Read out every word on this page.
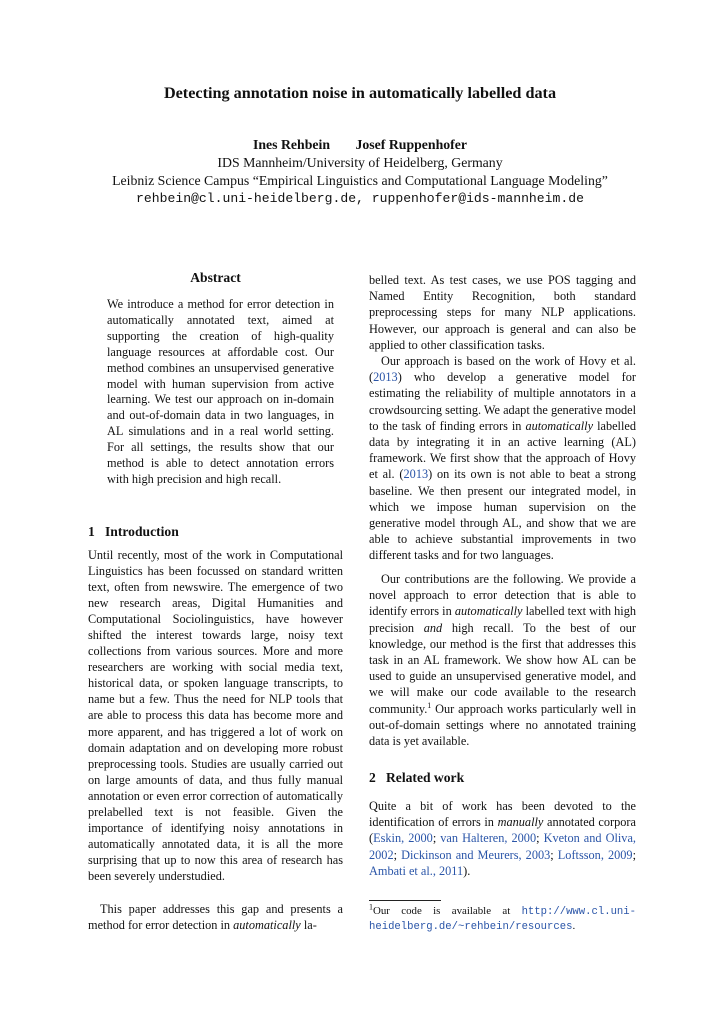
Detecting annotation noise in automatically labelled data
Ines Rehbein Josef Ruppenhofer
IDS Mannheim/University of Heidelberg, Germany
Leibniz Science Campus “Empirical Linguistics and Computational Language Modeling”
rehbein@cl.uni-heidelberg.de, ruppenhofer@ids-mannheim.de
Abstract
We introduce a method for error detection in automatically annotated text, aimed at supporting the creation of high-quality language resources at affordable cost. Our method combines an unsupervised generative model with human supervision from active learning. We test our approach on in-domain and out-of-domain data in two languages, in AL simulations and in a real world setting. For all settings, the results show that our method is able to detect annotation errors with high precision and high recall.
1   Introduction
Until recently, most of the work in Computational Linguistics has been focussed on standard written text, often from newswire. The emergence of two new research areas, Digital Humanities and Computational Sociolinguistics, have however shifted the interest towards large, noisy text collections from various sources. More and more researchers are working with social media text, historical data, or spoken language transcripts, to name but a few. Thus the need for NLP tools that are able to process this data has become more and more apparent, and has triggered a lot of work on domain adaptation and on developing more robust preprocessing tools. Studies are usually carried out on large amounts of data, and thus fully manual annotation or even error correction of automatically prelabelled text is not feasible. Given the importance of identifying noisy annotations in automatically annotated data, it is all the more surprising that up to now this area of research has been severely understudied.
This paper addresses this gap and presents a method for error detection in automatically la-
belled text. As test cases, we use POS tagging and Named Entity Recognition, both standard preprocessing steps for many NLP applications. However, our approach is general and can also be applied to other classification tasks.
Our approach is based on the work of Hovy et al. (2013) who develop a generative model for estimating the reliability of multiple annotators in a crowdsourcing setting. We adapt the generative model to the task of finding errors in automatically labelled data by integrating it in an active learning (AL) framework. We first show that the approach of Hovy et al. (2013) on its own is not able to beat a strong baseline. We then present our integrated model, in which we impose human supervision on the generative model through AL, and show that we are able to achieve substantial improvements in two different tasks and for two languages.
Our contributions are the following. We provide a novel approach to error detection that is able to identify errors in automatically labelled text with high precision and high recall. To the best of our knowledge, our method is the first that addresses this task in an AL framework. We show how AL can be used to guide an unsupervised generative model, and we will make our code available to the research community.$^1$ Our approach works particularly well in out-of-domain settings where no annotated training data is yet available.
2   Related work
Quite a bit of work has been devoted to the identification of errors in manually annotated corpora (Eskin, 2000; van Halteren, 2000; Kveton and Oliva, 2002; Dickinson and Meurers, 2003; Loftsson, 2009; Ambati et al., 2011).
$^1$Our code is available at http://www.cl.uni-heidelberg.de/~rehbein/resources.
